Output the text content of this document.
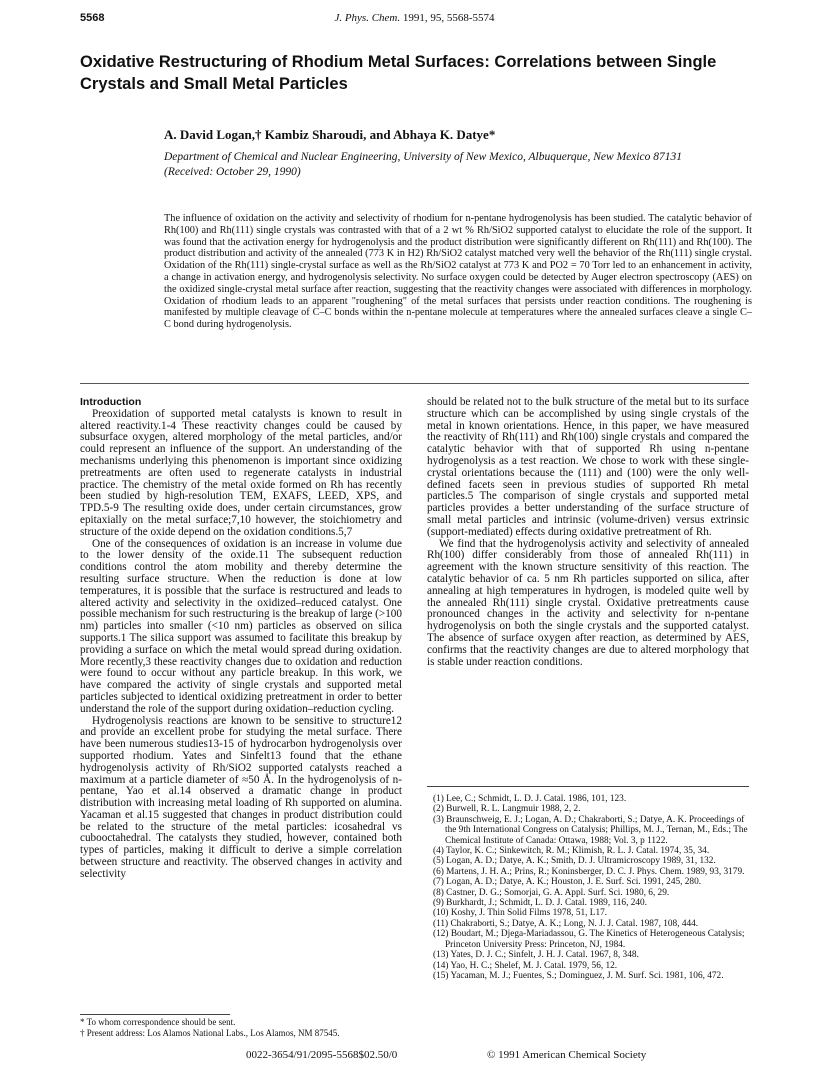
5568	J. Phys. Chem. 1991, 95, 5568-5574
Oxidative Restructuring of Rhodium Metal Surfaces: Correlations between Single Crystals and Small Metal Particles
A. David Logan,† Kambiz Sharoudi, and Abhaya K. Datye*
Department of Chemical and Nuclear Engineering, University of New Mexico, Albuquerque, New Mexico 87131 (Received: October 29, 1990)

The influence of oxidation on the activity and selectivity of rhodium for n-pentane hydrogenolysis has been studied. The catalytic behavior of Rh(100) and Rh(111) single crystals was contrasted with that of a 2 wt % Rh/SiO2 supported catalyst to elucidate the role of the support. It was found that the activation energy for hydrogenolysis and the product distribution were significantly different on Rh(111) and Rh(100). The product distribution and activity of the annealed (773 K in H2) Rh/SiO2 catalyst matched very well the behavior of the Rh(111) single crystal. Oxidation of the Rh(111) single-crystal surface as well as the Rh/SiO2 catalyst at 773 K and PO2 = 70 Torr led to an enhancement in activity, a change in activation energy, and hydrogenolysis selectivity. No surface oxygen could be detected by Auger electron spectroscopy (AES) on the oxidized single-crystal metal surface after reaction, suggesting that the reactivity changes were associated with differences in morphology. Oxidation of rhodium leads to an apparent "roughening" of the metal surfaces that persists under reaction conditions. The roughening is manifested by multiple cleavage of C–C bonds within the n-pentane molecule at temperatures where the annealed surfaces cleave a single C–C bond during hydrogenolysis.

Introduction

Preoxidation of supported metal catalysts is known to result in altered reactivity.1-4 These reactivity changes could be caused by subsurface oxygen, altered morphology of the metal particles, and/or could represent an influence of the support. An understanding of the mechanisms underlying this phenomenon is important since oxidizing pretreatments are often used to regenerate catalysts in industrial practice. The chemistry of the metal oxide formed on Rh has recently been studied by high-resolution TEM, EXAFS, LEED, XPS, and TPD.5-9 The resulting oxide does, under certain circumstances, grow epitaxially on the metal surface;7,10 however, the stoichiometry and structure of the oxide depend on the oxidation conditions.5,7

One of the consequences of oxidation is an increase in volume due to the lower density of the oxide.11 The subsequent reduction conditions control the atom mobility and thereby determine the resulting surface structure. When the reduction is done at low temperatures, it is possible that the surface is restructured and leads to altered activity and selectivity in the oxidized–reduced catalyst. One possible mechanism for such restructuring is the breakup of large (>100 nm) particles into smaller (<10 nm) particles as observed on silica supports.1 The silica support was assumed to facilitate this breakup by providing a surface on which the metal would spread during oxidation. More recently,3 these reactivity changes due to oxidation and reduction were found to occur without any particle breakup. In this work, we have compared the activity of single crystals and supported metal particles subjected to identical oxidizing pretreatment in order to better understand the role of the support during oxidation–reduction cycling.

Hydrogenolysis reactions are known to be sensitive to structure12 and provide an excellent probe for studying the metal surface. There have been numerous studies13-15 of hydrocarbon hydrogenolysis over supported rhodium. Yates and Sinfelt13 found that the ethane hydrogenolysis activity of Rh/SiO2 supported catalysts reached a maximum at a particle diameter of ≈50 Å. In the hydrogenolysis of n-pentane, Yao et al.14 observed a dramatic change in product distribution with increasing metal loading of Rh supported on alumina. Yacaman et al.15 suggested that changes in product distribution could be related to the structure of the metal particles: icosahedral vs cubooctahedral. The catalysts they studied, however, contained both types of particles, making it difficult to derive a simple correlation between structure and reactivity. The observed changes in activity and selectivity

should be related not to the bulk structure of the metal but to its surface structure which can be accomplished by using single crystals of the metal in known orientations. Hence, in this paper, we have measured the reactivity of Rh(111) and Rh(100) single crystals and compared the catalytic behavior with that of supported Rh using n-pentane hydrogenolysis as a test reaction. We chose to work with these single-crystal orientations because the (111) and (100) were the only well-defined facets seen in previous studies of supported Rh metal particles.5 The comparison of single crystals and supported metal particles provides a better understanding of the surface structure of small metal particles and intrinsic (volume-driven) versus extrinsic (support-mediated) effects during oxidative pretreatment of Rh.

We find that the hydrogenolysis activity and selectivity of annealed Rh(100) differ considerably from those of annealed Rh(111) in agreement with the known structure sensitivity of this reaction. The catalytic behavior of ca. 5 nm Rh particles supported on silica, after annealing at high temperatures in hydrogen, is modeled quite well by the annealed Rh(111) single crystal. Oxidative pretreatments cause pronounced changes in the activity and selectivity for n-pentane hydrogenolysis on both the single crystals and the supported catalyst. The absence of surface oxygen after reaction, as determined by AES, confirms that the reactivity changes are due to altered morphology that is stable under reaction conditions.

(1) Lee, C.; Schmidt, L. D. J. Catal. 1986, 101, 123.
(2) Burwell, R. L. Langmuir 1988, 2, 2.
(3) Braunschweig, E. J.; Logan, A. D.; Chakraborti, S.; Datye, A. K. Proceedings of the 9th International Congress on Catalysis; Phillips, M. J., Ternan, M., Eds.; The Chemical Institute of Canada: Ottawa, 1988; Vol. 3, p 1122.
(4) Taylor, K. C.; Sinkewitch, R. M.; Klimish, R. L. J. Catal. 1974, 35, 34.
(5) Logan, A. D.; Datye, A. K.; Smith, D. J. Ultramicroscopy 1989, 31, 132.
(6) Martens, J. H. A.; Prins, R.; Koninsberger, D. C. J. Phys. Chem. 1989, 93, 3179.
(7) Logan, A. D.; Datye, A. K.; Houston, J. E. Surf. Sci. 1991, 245, 280.
(8) Castner, D. G.; Somorjai, G. A. Appl. Surf. Sci. 1980, 6, 29.
(9) Burkhardt, J.; Schmidt, L. D. J. Catal. 1989, 116, 240.
(10) Koshy, J. Thin Solid Films 1978, 51, L17.
(11) Chakraborti, S.; Datye, A. K.; Long, N. J. J. Catal. 1987, 108, 444.
(12) Boudart, M.; Djega-Mariadassou, G. The Kinetics of Heterogeneous Catalysis; Princeton University Press: Princeton, NJ, 1984.
(13) Yates, D. J. C.; Sinfelt, J. H. J. Catal. 1967, 8, 348.
(14) Yao, H. C.; Shelef, M. J. Catal. 1979, 56, 12.
(15) Yacaman, M. J.; Fuentes, S.; Dominguez, J. M. Surf. Sci. 1981, 106, 472.
* To whom correspondence should be sent.
† Present address: Los Alamos National Labs., Los Alamos, NM 87545.
0022-3654/91/2095-5568$02.50/0	© 1991 American Chemical Society
